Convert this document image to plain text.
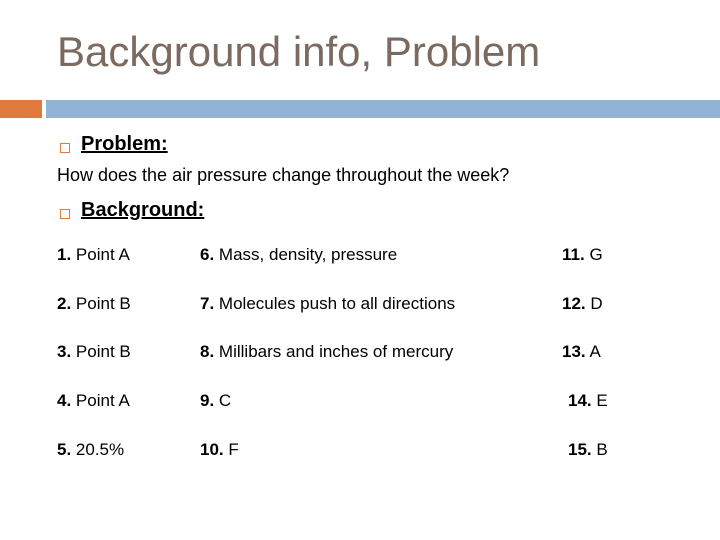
Background info, Problem
Problem:
How does the air pressure change throughout the week?
Background:
1. Point A
2. Point B
3. Point B
4. Point A
5. 20.5%
6. Mass, density, pressure
7. Molecules push to all directions
8. Millibars and inches of mercury
9. C
10. F
11. G
12. D
13. A
14. E
15. B
